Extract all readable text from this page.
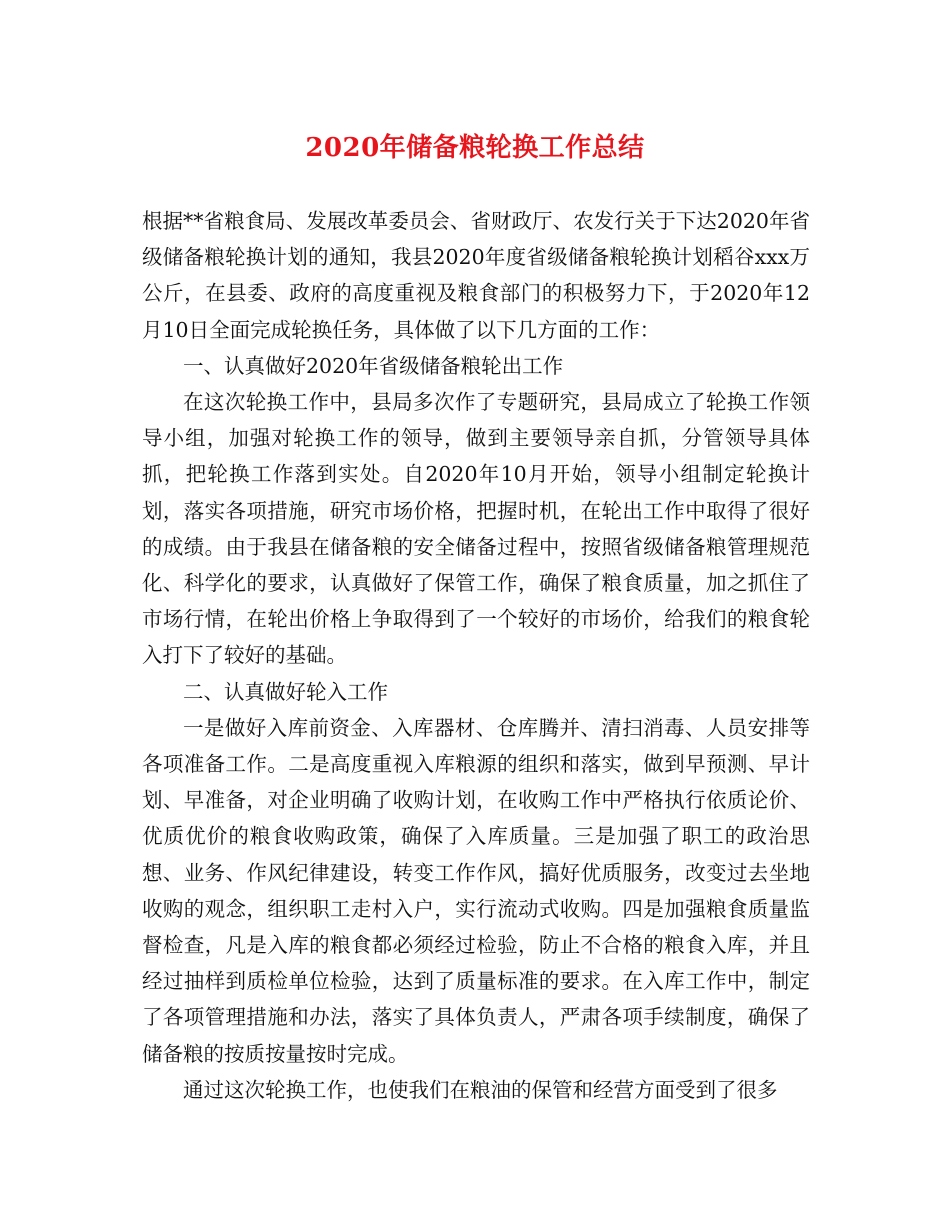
2020年储备粮轮换工作总结

根据**省粮食局、发展改革委员会、省财政厅、农发行关于下达2020年省级储备粮轮换计划的通知，我县2020年度省级储备粮轮换计划稻谷xxx万公斤，在县委、政府的高度重视及粮食部门的积极努力下，于2020年12月10日全面完成轮换任务，具体做了以下几方面的工作：

一、认真做好2020年省级储备粮轮出工作

在这次轮换工作中，县局多次作了专题研究，县局成立了轮换工作领导小组，加强对轮换工作的领导，做到主要领导亲自抓，分管领导具体抓，把轮换工作落到实处。自2020年10月开始，领导小组制定轮换计划，落实各项措施，研究市场价格，把握时机，在轮出工作中取得了很好的成绩。由于我县在储备粮的安全储备过程中，按照省级储备粮管理规范化、科学化的要求，认真做好了保管工作，确保了粮食质量，加之抓住了市场行情，在轮出价格上争取得到了一个较好的市场价，给我们的粮食轮入打下了较好的基础。

二、认真做好轮入工作

一是做好入库前资金、入库器材、仓库腾并、清扫消毒、人员安排等各项准备工作。二是高度重视入库粮源的组织和落实，做到早预测、早计划、早准备，对企业明确了收购计划，在收购工作中严格执行依质论价、优质优价的粮食收购政策，确保了入库质量。三是加强了职工的政治思想、业务、作风纪律建设，转变工作作风，搞好优质服务，改变过去坐地收购的观念，组织职工走村入户，实行流动式收购。四是加强粮食质量监督检查，凡是入库的粮食都必须经过检验，防止不合格的粮食入库，并且经过抽样到质检单位检验，达到了质量标准的要求。在入库工作中，制定了各项管理措施和办法，落实了具体负责人，严肃各项手续制度，确保了储备粮的按质按量按时完成。

通过这次轮换工作，也使我们在粮油的保管和经营方面受到了很多
